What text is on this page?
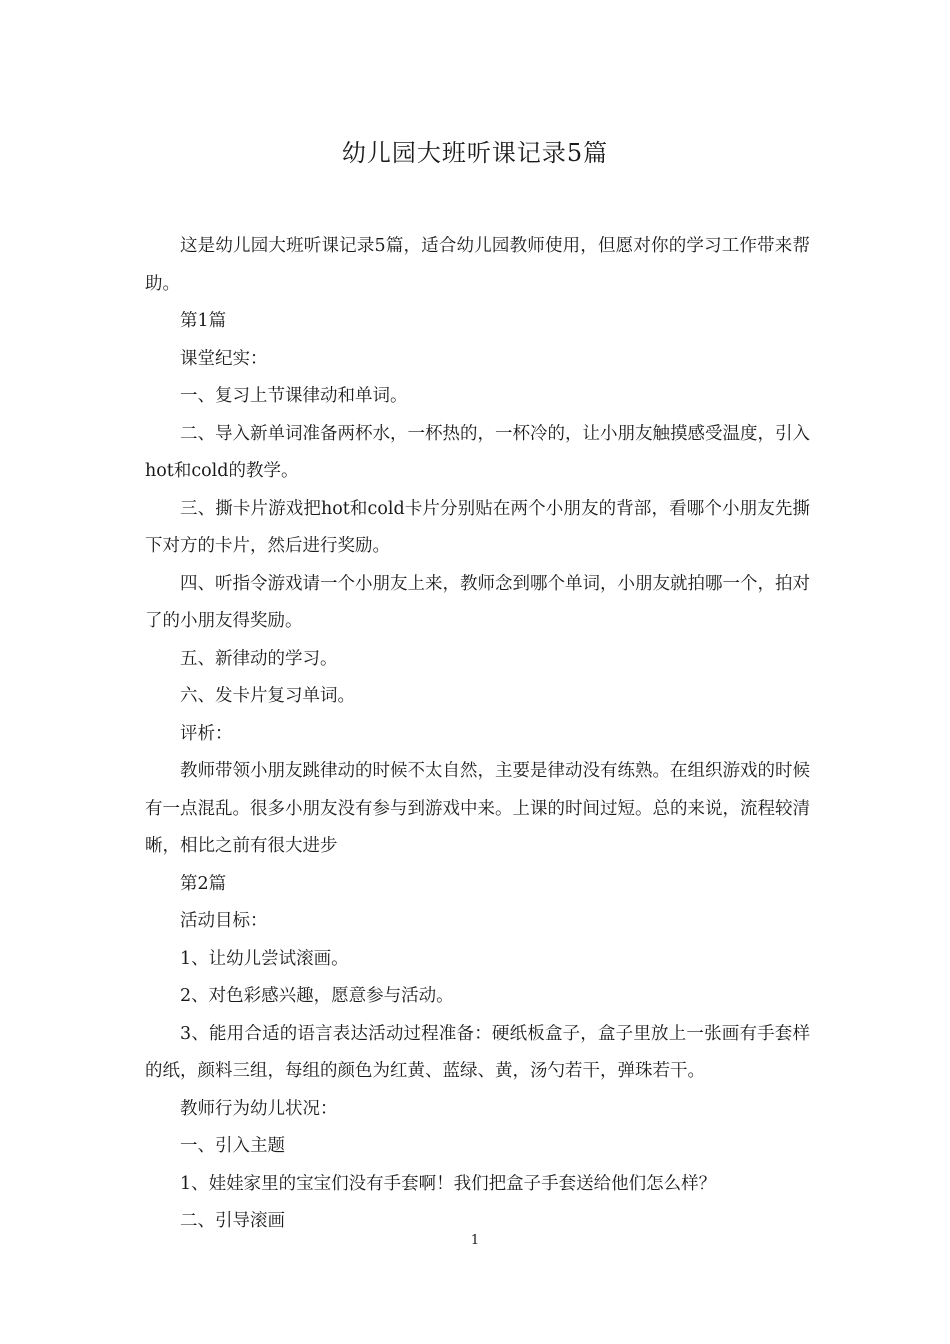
幼儿园大班听课记录5篇

这是幼儿园大班听课记录5篇，适合幼儿园教师使用，但愿对你的学习工作带来帮助。

第1篇

课堂纪实：

一、复习上节课律动和单词。

二、导入新单词准备两杯水，一杯热的，一杯冷的，让小朋友触摸感受温度，引入hot和cold的教学。

三、撕卡片游戏把hot和cold卡片分别贴在两个小朋友的背部，看哪个小朋友先撕下对方的卡片，然后进行奖励。

四、听指令游戏请一个小朋友上来，教师念到哪个单词，小朋友就拍哪一个，拍对了的小朋友得奖励。

五、新律动的学习。

六、发卡片复习单词。

评析：

教师带领小朋友跳律动的时候不太自然，主要是律动没有练熟。在组织游戏的时候有一点混乱。很多小朋友没有参与到游戏中来。上课的时间过短。总的来说，流程较清晰，相比之前有很大进步

第2篇

活动目标：

1、让幼儿尝试滚画。

2、对色彩感兴趣，愿意参与活动。

3、能用合适的语言表达活动过程准备：硬纸板盒子，盒子里放上一张画有手套样的纸，颜料三组，每组的颜色为红黄、蓝绿、黄，汤勺若干，弹珠若干。

教师行为幼儿状况：

一、引入主题

1、娃娃家里的宝宝们没有手套啊！我们把盒子手套送给他们怎么样？

二、引导滚画

1
